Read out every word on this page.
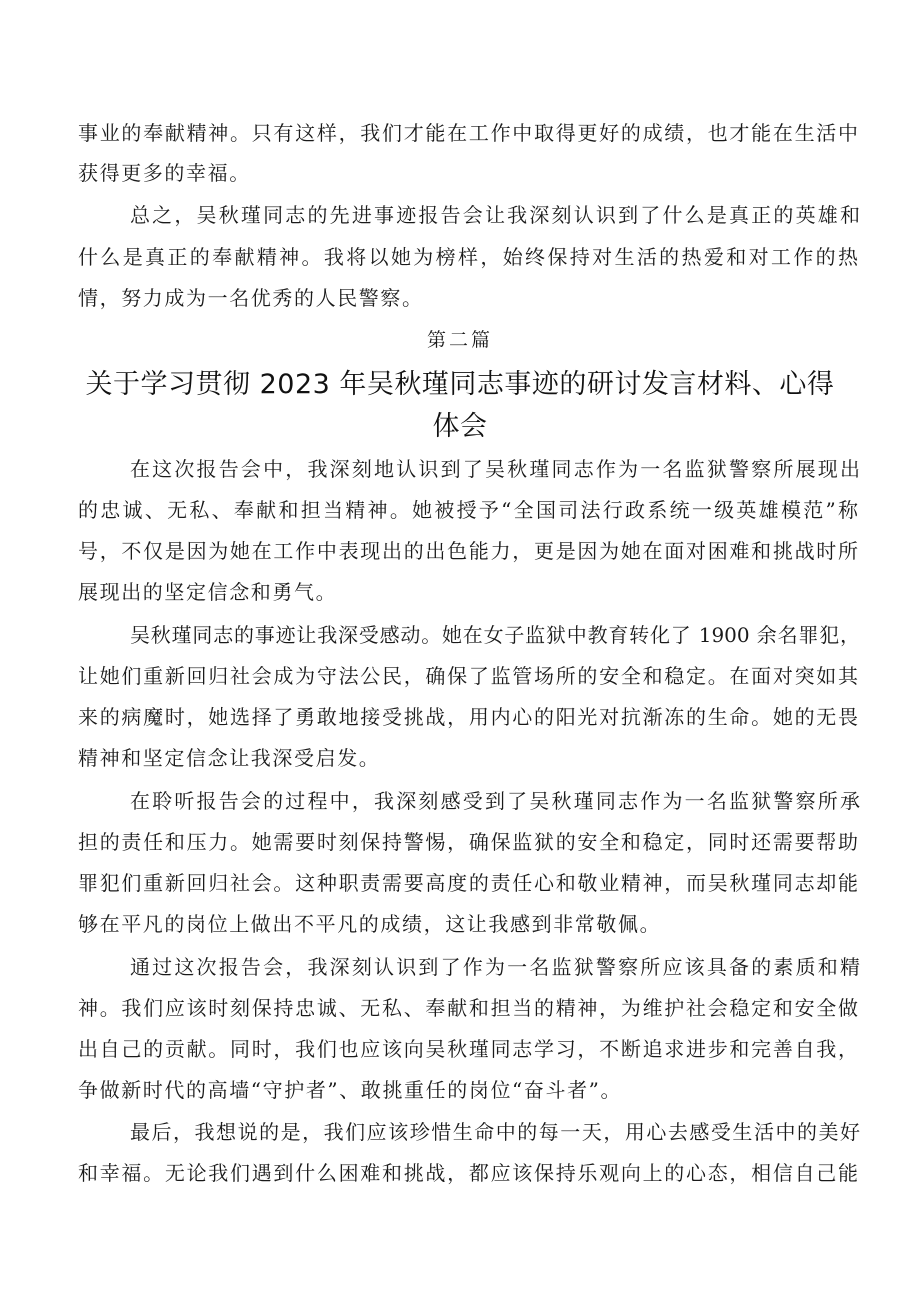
事业的奉献精神。只有这样，我们才能在工作中取得更好的成绩，也才能在生活中
获得更多的幸福。
总之，吴秋瑾同志的先进事迹报告会让我深刻认识到了什么是真正的英雄和
什么是真正的奉献精神。我将以她为榜样，始终保持对生活的热爱和对工作的热
情，努力成为一名优秀的人民警察。
第二篇
关于学习贯彻 2023 年吴秋瑾同志事迹的研讨发言材料、心得
体会
在这次报告会中，我深刻地认识到了吴秋瑾同志作为一名监狱警察所展现出
的忠诚、无私、奉献和担当精神。她被授予“全国司法行政系统一级英雄模范”称
号，不仅是因为她在工作中表现出的出色能力，更是因为她在面对困难和挑战时所
展现出的坚定信念和勇气。
吴秋瑾同志的事迹让我深受感动。她在女子监狱中教育转化了 1900 余名罪犯，
让她们重新回归社会成为守法公民，确保了监管场所的安全和稳定。在面对突如其
来的病魔时，她选择了勇敢地接受挑战，用内心的阳光对抗渐冻的生命。她的无畏
精神和坚定信念让我深受启发。
在聆听报告会的过程中，我深刻感受到了吴秋瑾同志作为一名监狱警察所承
担的责任和压力。她需要时刻保持警惕，确保监狱的安全和稳定，同时还需要帮助
罪犯们重新回归社会。这种职责需要高度的责任心和敬业精神，而吴秋瑾同志却能
够在平凡的岗位上做出不平凡的成绩，这让我感到非常敬佩。
通过这次报告会，我深刻认识到了作为一名监狱警察所应该具备的素质和精
神。我们应该时刻保持忠诚、无私、奉献和担当的精神，为维护社会稳定和安全做
出自己的贡献。同时，我们也应该向吴秋瑾同志学习，不断追求进步和完善自我，
争做新时代的高墙“守护者”、敢挑重任的岗位“奋斗者”。
最后，我想说的是，我们应该珍惜生命中的每一天，用心去感受生活中的美好
和幸福。无论我们遇到什么困难和挑战，都应该保持乐观向上的心态，相信自己能
